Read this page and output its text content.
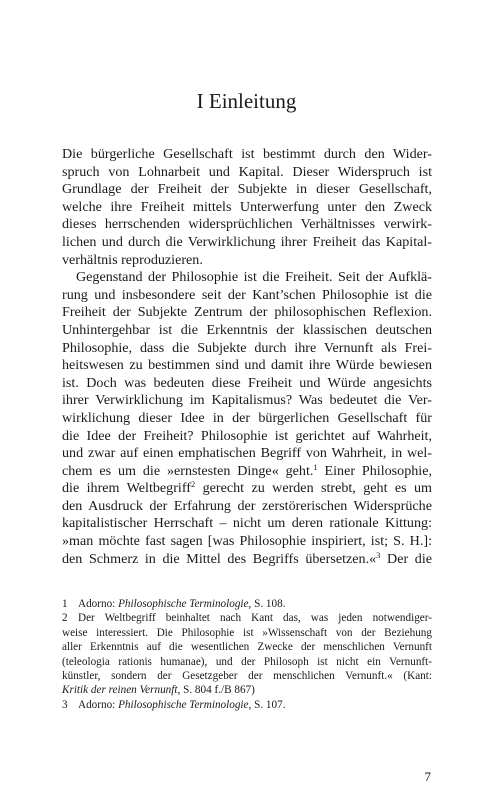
I Einleitung
Die bürgerliche Gesellschaft ist bestimmt durch den Wider-
spruch von Lohnarbeit und Kapital. Dieser Widerspruch ist
Grundlage der Freiheit der Subjekte in dieser Gesellschaft,
welche ihre Freiheit mittels Unterwerfung unter den Zweck
dieses herrschenden widersprüchlichen Verhältnisses verwirk-
lichen und durch die Verwirklichung ihrer Freiheit das Kapital-
verhältnis reproduzieren.
Gegenstand der Philosophie ist die Freiheit. Seit der Aufklä-
rung und insbesondere seit der Kant’schen Philosophie ist die
Freiheit der Subjekte Zentrum der philosophischen Reflexion.
Unhintergehbar ist die Erkenntnis der klassischen deutschen
Philosophie, dass die Subjekte durch ihre Vernunft als Frei-
heitswesen zu bestimmen sind und damit ihre Würde bewiesen
ist. Doch was bedeuten diese Freiheit und Würde angesichts
ihrer Verwirklichung im Kapitalismus? Was bedeutet die Ver-
wirklichung dieser Idee in der bürgerlichen Gesellschaft für
die Idee der Freiheit? Philosophie ist gerichtet auf Wahrheit,
und zwar auf einen emphatischen Begriff von Wahrheit, in wel-
chem es um die »ernstesten Dinge« geht.$^1$ Einer Philosophie,
die ihrem Weltbegriff$^2$ gerecht zu werden strebt, geht es um
den Ausdruck der Erfahrung der zerstörerischen Widersprüche
kapitalistischer Herrschaft – nicht um deren rationale Kittung:
»man möchte fast sagen [was Philosophie inspiriert, ist; S. H.]:
den Schmerz in die Mittel des Begriffs übersetzen.«$^3$ Der die
1 Adorno: Philosophische Terminologie, S. 108.
2 Der Weltbegriff beinhaltet nach Kant das, was jeden notwendiger-
weise interessiert. Die Philosophie ist »Wissenschaft von der Beziehung
aller Erkenntnis auf die wesentlichen Zwecke der menschlichen Vernunft
(teleologia rationis humanae), und der Philosoph ist nicht ein Vernunft-
künstler, sondern der Gesetzgeber der menschlichen Vernunft.« (Kant:
Kritik der reinen Vernunft, S. 804 f./B 867)
3 Adorno: Philosophische Terminologie, S. 107.
7
